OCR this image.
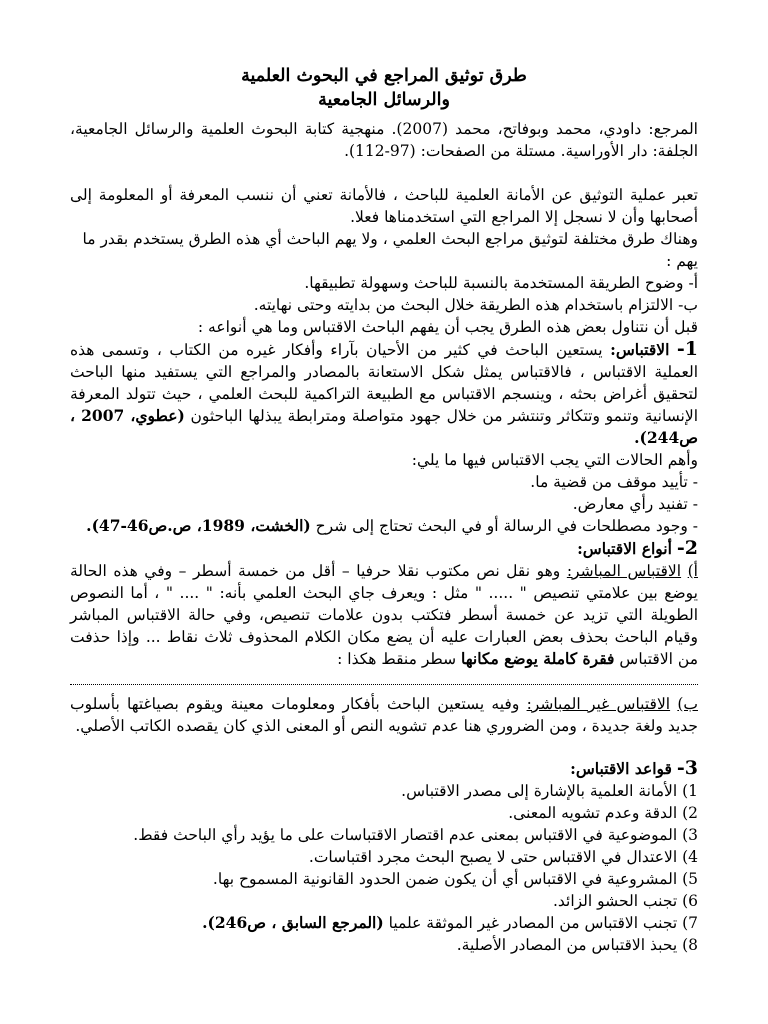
طرق توثيق المراجع في البحوث العلمية
والرسائل الجامعية
المرجع: داودي، محمد وبوفاتح، محمد (2007). منهجية كتابة البحوث العلمية والرسائل الجامعية، الجلفة: دار الأوراسية. مستلة من الصفحات: (97-112).
تعبر عملية التوثيق عن الأمانة العلمية للباحث ، فالأمانة تعني أن ننسب المعرفة أو المعلومة إلى أصحابها وأن لا نسجل إلا المراجع التي استخدمناها فعلا.
وهناك طرق مختلفة لتوثيق مراجع البحث العلمي ، ولا يهم الباحث أي هذه الطرق يستخدم بقدر ما يهم :
أ- وضوح الطريقة المستخدمة بالنسبة للباحث وسهولة تطبيقها.
ب- الالتزام باستخدام هذه الطريقة خلال البحث من بدايته وحتى نهايته.
قبل أن نتناول بعض هذه الطرق يجب أن يفهم الباحث الاقتباس وما هي أنواعه :
1- الاقتباس: يستعين الباحث في كثير من الأحيان بآراء وأفكار غيره من الكتاب ، وتسمى هذه العملية الاقتباس ، فالاقتباس يمثل شكل الاستعانة بالمصادر والمراجع التي يستفيد منها الباحث لتحقيق أغراض بحثه ، وينسجم الاقتباس مع الطبيعة التراكمية للبحث العلمي ، حيث تتولد المعرفة الإنسانية وتنمو وتتكاثر وتنتشر من خلال جهود متواصلة ومترابطة يبذلها الباحثون (عطوي، 2007 ، ص244).
وأهم الحالات التي يجب الاقتباس فيها ما يلي:
- تأييد موقف من قضية ما.
- تفنيد رأي معارض.
- وجود مصطلحات في الرسالة أو في البحث تحتاج إلى شرح (الخشت، 1989، ص.ص46-47).
2- أنواع الاقتباس:
أ) الاقتباس المباشر: وهو نقل نص مكتوب نقلا حرفيا – أقل من خمسة أسطر – وفي هذه الحالة يوضع بين علامتي تنصيص " ..... " مثل : ويعرف جاي البحث العلمي بأنه: " .... " ، أما النصوص الطويلة التي تزيد عن خمسة أسطر فتكتب بدون علامات تنصيص، وفي حالة الاقتباس المباشر وقيام الباحث بحذف بعض العبارات عليه أن يضع مكان الكلام المحذوف ثلاث نقاط ... وإذا حذفت من الاقتباس فقرة كاملة يوضع مكانها سطر منقط هكذا :
ب) الاقتباس غير المباشر: وفيه يستعين الباحث بأفكار ومعلومات معينة ويقوم بصياغتها بأسلوب جديد ولغة جديدة ، ومن الضروري هنا عدم تشويه النص أو المعنى الذي كان يقصده الكاتب الأصلي.
3- قواعد الاقتباس:
1) الأمانة العلمية بالإشارة إلى مصدر الاقتباس.
2) الدقة وعدم تشويه المعنى.
3) الموضوعية في الاقتباس بمعنى عدم اقتصار الاقتباسات على ما يؤيد رأي الباحث فقط.
4) الاعتدال في الاقتباس حتى لا يصبح البحث مجرد اقتباسات.
5) المشروعية في الاقتباس أي أن يكون ضمن الحدود القانونية المسموح بها.
6) تجنب الحشو الزائد.
7) تجنب الاقتباس من المصادر غير الموثقة علميا (المرجع السابق ، ص246).
8) يحبذ الاقتباس من المصادر الأصلية.
